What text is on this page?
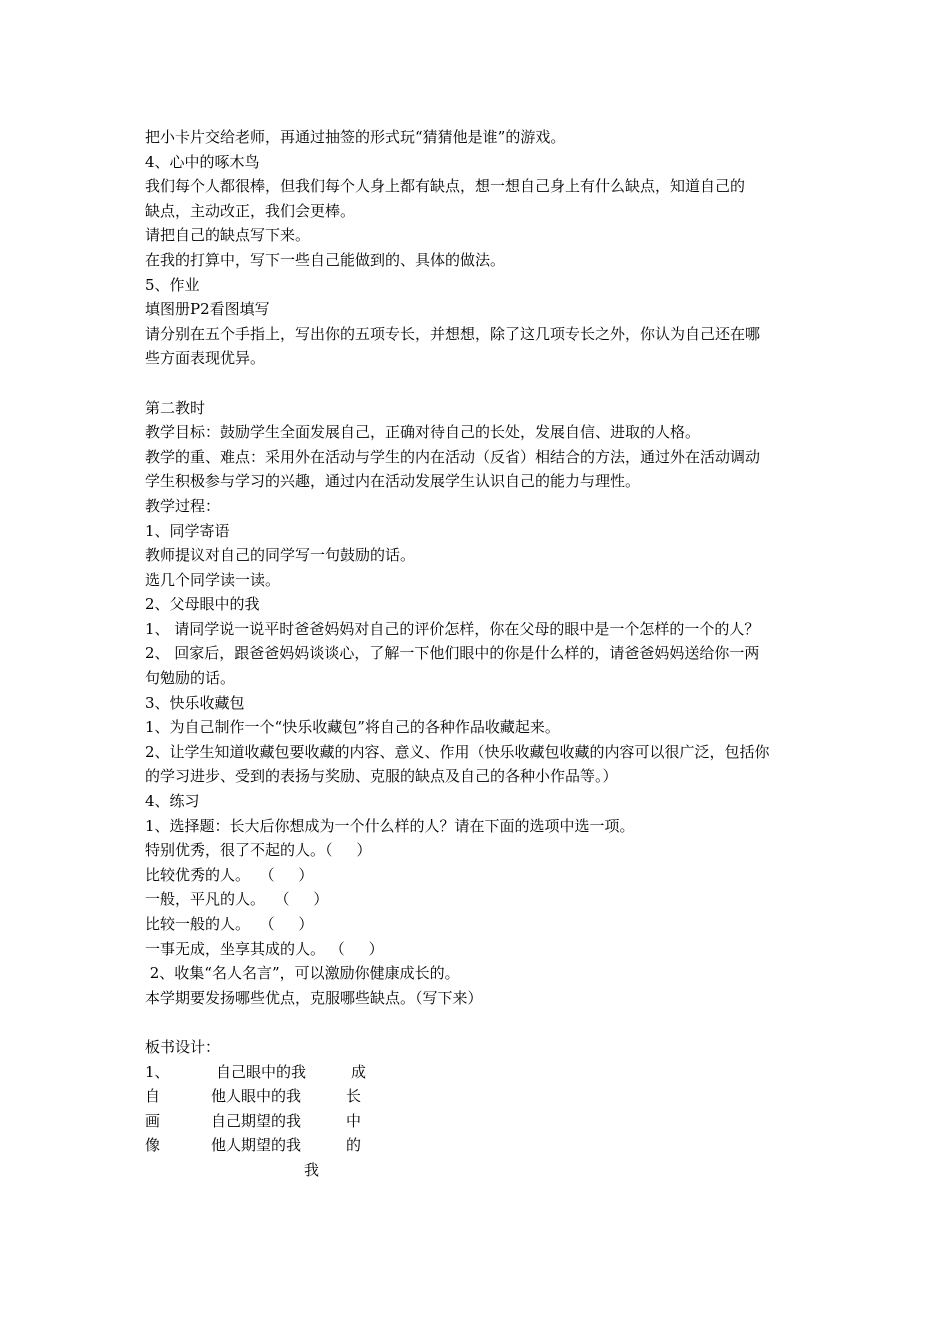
把小卡片交给老师，再通过抽签的形式玩“猜猜他是谁”的游戏。
4、心中的啄木鸟
我们每个人都很棒，但我们每个人身上都有缺点，想一想自己身上有什么缺点，知道自己的
缺点，主动改正，我们会更棒。
请把自己的缺点写下来。
在我的打算中，写下一些自己能做到的、具体的做法。
5、作业
填图册P2看图填写
请分别在五个手指上，写出你的五项专长，并想想，除了这几项专长之外，你认为自己还在哪
些方面表现优异。
第二教时
教学目标：鼓励学生全面发展自己，正确对待自己的长处，发展自信、进取的人格。
教学的重、难点：采用外在活动与学生的内在活动（反省）相结合的方法，通过外在活动调动
学生积极参与学习的兴趣，通过内在活动发展学生认识自己的能力与理性。
教学过程：
1、同学寄语
教师提议对自己的同学写一句鼓励的话。
选几个同学读一读。
2、父母眼中的我
1、 请同学说一说平时爸爸妈妈对自己的评价怎样，你在父母的眼中是一个怎样的一个的人？
2、 回家后，跟爸爸妈妈谈谈心，了解一下他们眼中的你是什么样的，请爸爸妈妈送给你一两
句勉励的话。
3、快乐收藏包
1、为自己制作一个“快乐收藏包”将自己的各种作品收藏起来。
2、让学生知道收藏包要收藏的内容、意义、作用（快乐收藏包收藏的内容可以很广泛，包括你
的学习进步、受到的表扬与奖励、克服的缺点及自己的各种小作品等。）
4、练习
1、选择题：长大后你想成为一个什么样的人？请在下面的选项中选一项。
特别优秀，很了不起的人。（     ）
比较优秀的人。  （     ）
一般，平凡的人。  （     ）
比较一般的人。  （     ）
一事无成，坐享其成的人。 （     ）
2、收集“名人名言”，可以激励你健康成长的。
本学期要发扬哪些优点，克服哪些缺点。（写下来）
板书设计：
1、
自
画
像
自己眼中的我
他人眼中的我
自己期望的我
他人期望的我
成
长
中
的
我
